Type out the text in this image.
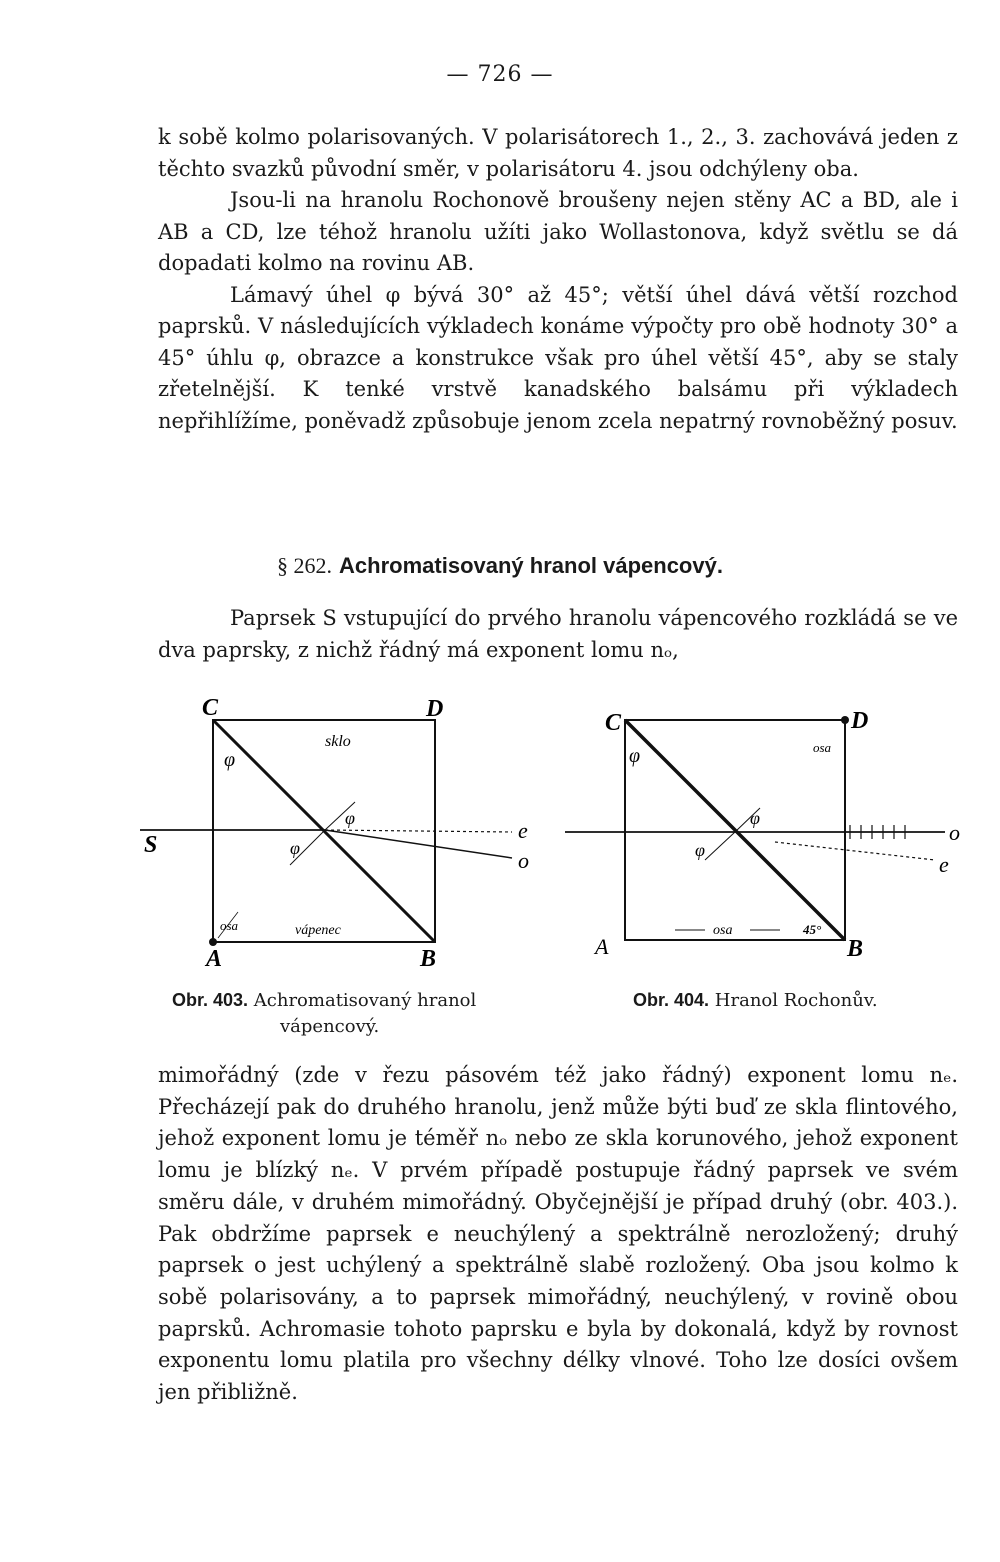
— 726 —

k sobě kolmo polarisovaných. V polarisátorech 1., 2., 3. zachovává jeden z těchto svazků původní směr, v polarisátoru 4. jsou odchýleny oba.

Jsou-li na hranolu Rochonově broušeny nejen stěny AC a BD, ale i AB a CD, lze téhož hranolu užíti jako Wollastonova, když světlu se dá dopadati kolmo na rovinu AB.

Lámavý úhel φ bývá 30° až 45°; větší úhel dává větší rozchod paprsků. V následujících výkladech konáme výpočty pro obě hodnoty 30° a 45° úhlu φ, obrazce a konstrukce však pro úhel větší 45°, aby se staly zřetelnější. K tenké vrstvě kanadského balsámu při výkladech nepřihlížíme, poněvadž způsobuje jenom zcela nepatrný rovnoběžný posuv.

§ 262. Achromatisovaný hranol vápencový.

Paprsek S vstupující do prvého hranolu vápencového rozkládá se ve dva paprsky, z nichž řádný má exponent lomu nₒ,

C	D
A	B
S
e
o
sklo
vápenec
osa
φ
φ
φ
C	D
A	B
o
e
osa
osa
45°
φ
φ
φ
Obr. 403. Achromatisovaný hranol
vápencový.
Obr. 404. Hranol Rochonův.

mimořádný (zde v řezu pásovém též jako řádný) exponent lomu nₑ. Přecházejí pak do druhého hranolu, jenž může býti buď ze skla flintového, jehož exponent lomu je téměř nₒ nebo ze skla korunového, jehož exponent lomu je blízký nₑ. V prvém případě postupuje řádný paprsek ve svém směru dále, v druhém mimořádný. Obyčejnější je případ druhý (obr. 403.). Pak obdržíme paprsek e neuchýlený a spektrálně nerozložený; druhý paprsek o jest uchýlený a spektrálně slabě rozložený. Oba jsou kolmo k sobě polarisovány, a to paprsek mimořádný, neuchýlený, v rovině obou paprsků. Achromasie tohoto paprsku e byla by dokonalá, když by rovnost exponentu lomu platila pro všechny délky vlnové. Toho lze dosíci ovšem jen přibližně.
